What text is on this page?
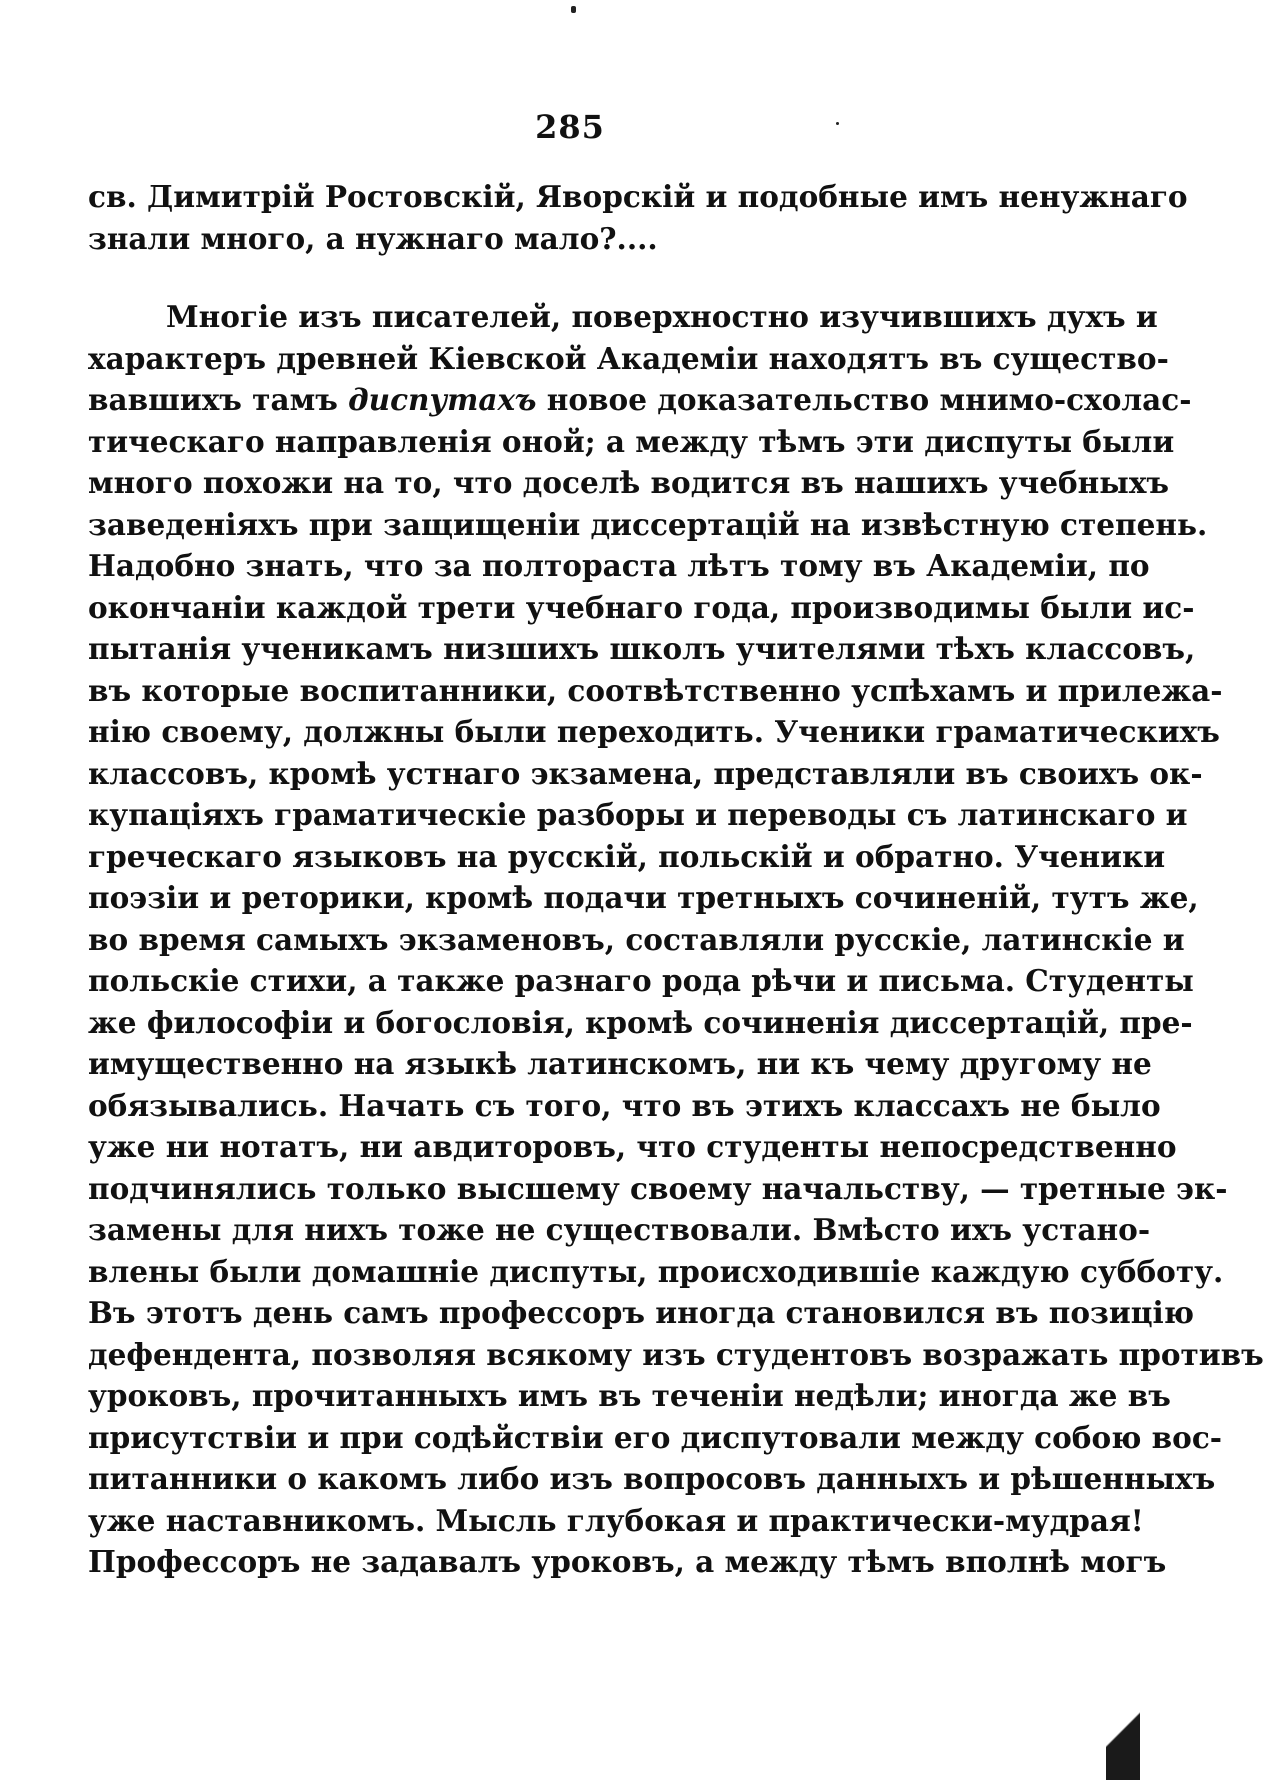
285
св. Димитрій Ростовскій, Яворскій и подобные имъ ненужнаго
знали много, а нужнаго мало?....
Многіе изъ писателей, поверхностно изучившихъ духъ и
характеръ древней Кіевской Академіи находятъ въ существо-
вавшихъ тамъ диспутахъ новое доказательство мнимо-схолас-
тическаго направленія оной; а между тѣмъ эти диспуты были
много похожи на то, что доселѣ водится въ нашихъ учебныхъ
заведеніяхъ при защищеніи диссертацій на извѣстную степень.
Надобно знать, что за полтораста лѣтъ тому въ Академіи, по
окончаніи каждой трети учебнаго года, производимы были ис-
пытанія ученикамъ низшихъ школъ учителями тѣхъ классовъ,
въ которые воспитанники, соотвѣтственно успѣхамъ и прилежа-
нію своему, должны были переходить. Ученики граматическихъ
классовъ, кромѣ устнаго экзамена, представляли въ своихъ ок-
купаціяхъ граматическіе разборы и переводы съ латинскаго и
греческаго языковъ на русскій, польскій и обратно. Ученики
поэзіи и реторики, кромѣ подачи третныхъ сочиненій, тутъ же,
во время самыхъ экзаменовъ, составляли русскіе, латинскіе и
польскіе стихи, а также разнаго рода рѣчи и письма. Студенты
же философіи и богословія, кромѣ сочиненія диссертацій, пре-
имущественно на языкѣ латинскомъ, ни къ чему другому не
обязывались. Начать съ того, что въ этихъ классахъ не было
уже ни нотатъ, ни авдиторовъ, что студенты непосредственно
подчинялись только высшему своему начальству, — третные эк-
замены для нихъ тоже не существовали. Вмѣсто ихъ устано-
влены были домашніе диспуты, происходившіе каждую субботу.
Въ этотъ день самъ профессоръ иногда становился въ позицію
дефендента, позволяя всякому изъ студентовъ возражать противъ
уроковъ, прочитанныхъ имъ въ теченіи недѣли; иногда же въ
присутствіи и при содѣйствіи его диспутовали между собою вос-
питанники о какомъ либо изъ вопросовъ данныхъ и рѣшенныхъ
уже наставникомъ. Мысль глубокая и практически-мудрая!
Профессоръ не задавалъ уроковъ, а между тѣмъ вполнѣ могъ
